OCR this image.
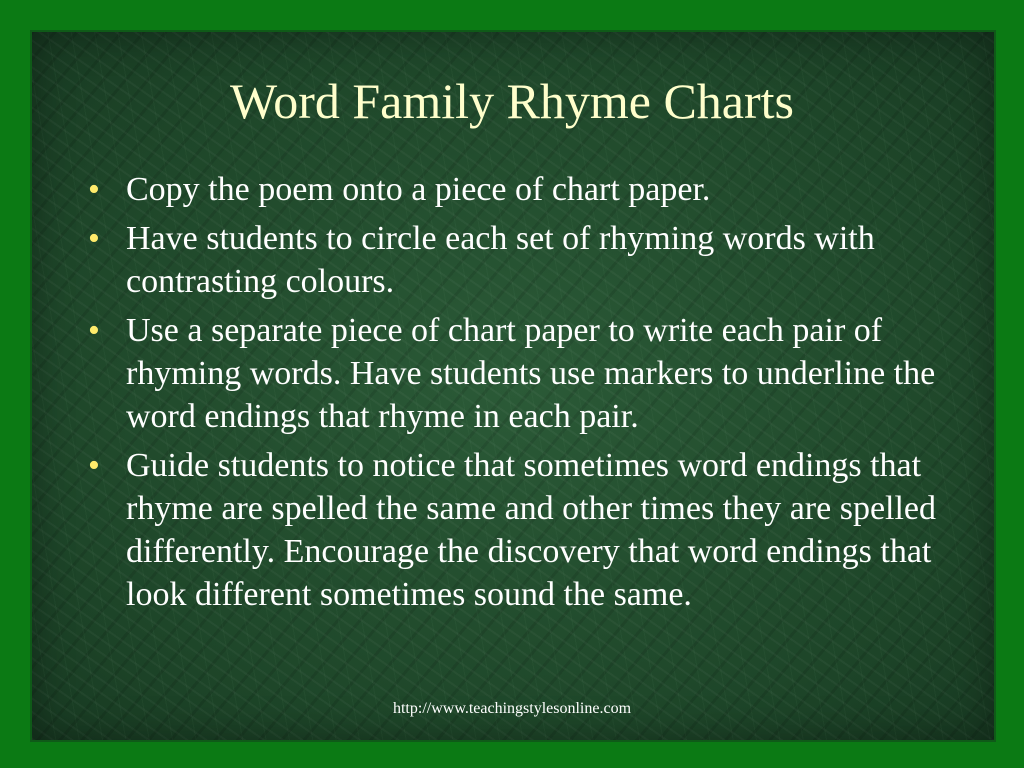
Word Family Rhyme Charts
• Copy the poem onto a piece of chart paper.
• Have students to circle each set of rhyming words with contrasting colours.
• Use a separate piece of chart paper to write each pair of rhyming words. Have students use markers to underline the word endings that rhyme in each pair.
• Guide students to notice that sometimes word endings that rhyme are spelled the same and other times they are spelled differently. Encourage the discovery that word endings that look different sometimes sound the same.
http://www.teachingstylesonline.com
